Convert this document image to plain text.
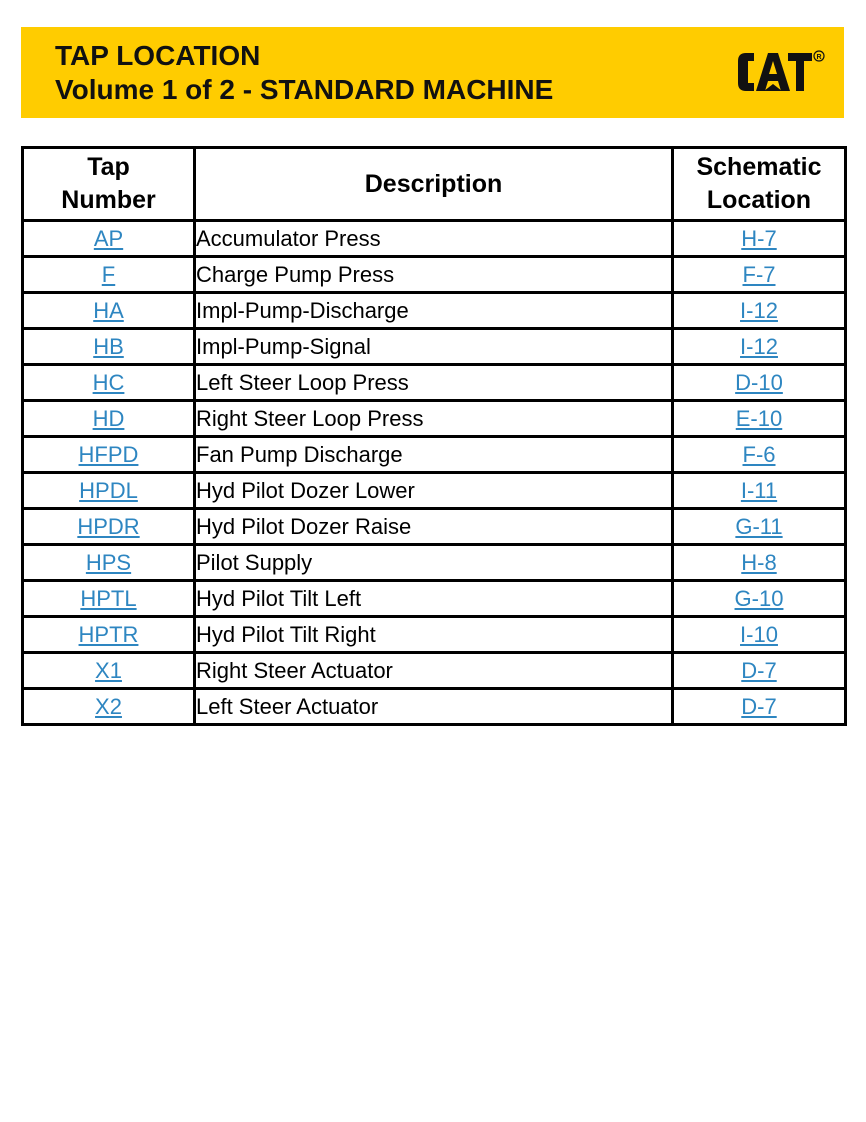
TAP LOCATION
Volume 1 of 2 - STANDARD MACHINE
R
Tap
Number	Description	Schematic
Location
AP	Accumulator Press	H-7
F	Charge Pump Press	F-7
HA	Impl-Pump-Discharge	I-12
HB	Impl-Pump-Signal	I-12
HC	Left Steer Loop Press	D-10
HD	Right Steer Loop Press	E-10
HFPD	Fan Pump Discharge	F-6
HPDL	Hyd Pilot Dozer Lower	I-11
HPDR	Hyd Pilot Dozer Raise	G-11
HPS	Pilot Supply	H-8
HPTL	Hyd Pilot Tilt Left	G-10
HPTR	Hyd Pilot Tilt Right	I-10
X1	Right Steer Actuator	D-7
X2	Left Steer Actuator	D-7
